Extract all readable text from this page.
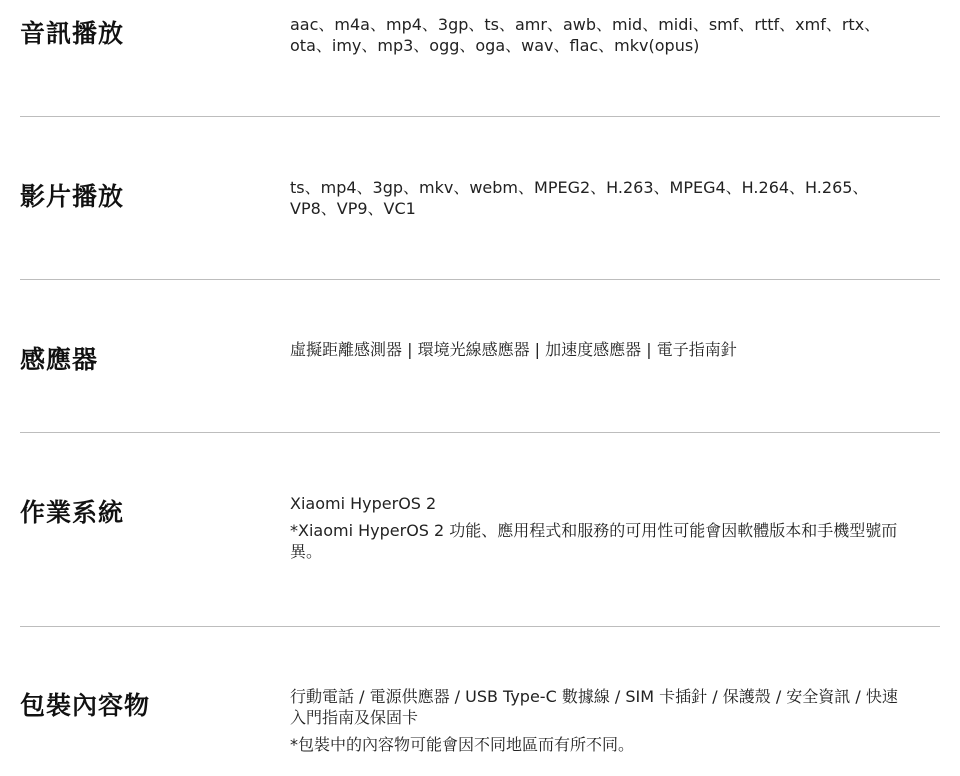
音訊播放	aac、m4a、mp4、3gp、ts、amr、awb、mid、midi、smf、rttf、xmf、rtx、ota、imy、mp3、ogg、oga、wav、flac、mkv(opus)

影片播放	ts、mp4、3gp、mkv、webm、MPEG2、H.263、MPEG4、H.264、H.265、VP8、VP9、VC1

感應器	虛擬距離感測器 | 環境光線感應器 | 加速度感應器 | 電子指南針

作業系統	Xiaomi HyperOS 2

*Xiaomi HyperOS 2 功能、應用程式和服務的可用性可能會因軟體版本和手機型號而異。

包裝內容物	行動電話 / 電源供應器 / USB Type-C 數據線 / SIM 卡插針 / 保護殼 / 安全資訊 / 快速入門指南及保固卡

*包裝中的內容物可能會因不同地區而有所不同。
